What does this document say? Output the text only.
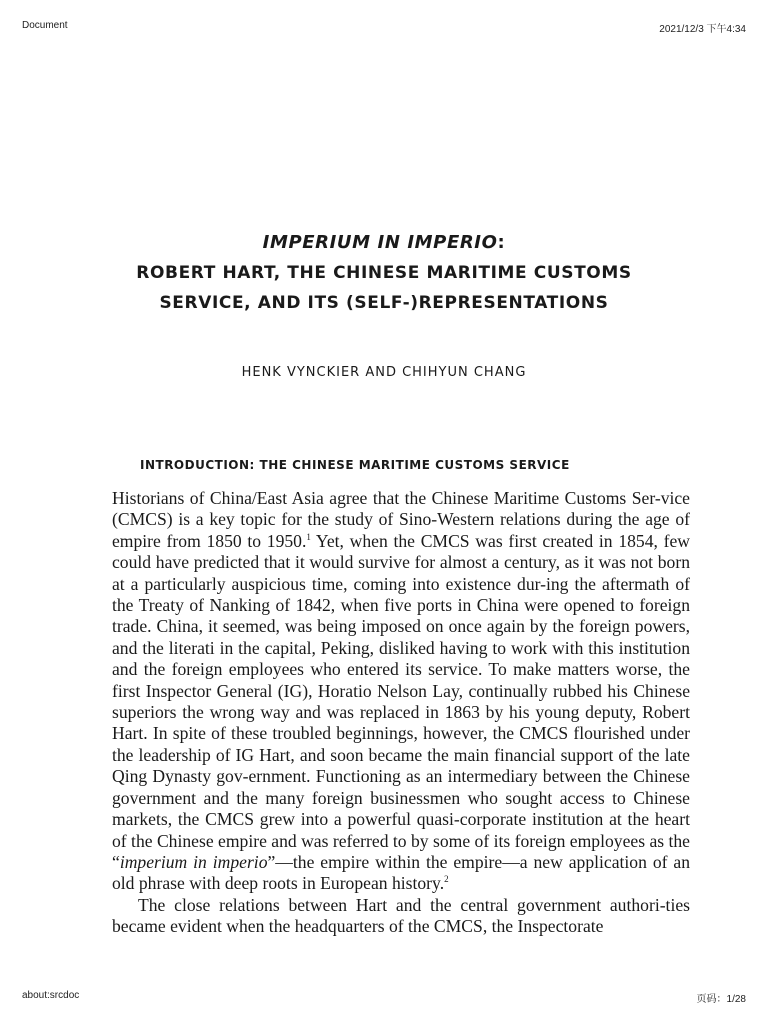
Document	2021/12/3 下午4:34
IMPERIUM IN IMPERIO:
ROBERT HART, THE CHINESE MARITIME CUSTOMS
SERVICE, AND ITS (SELF-)REPRESENTATIONS
HENK VYNCKIER AND CHIHYUN CHANG
INTRODUCTION: THE CHINESE MARITIME CUSTOMS SERVICE

Historians of China/East Asia agree that the Chinese Maritime Customs Ser-vice (CMCS) is a key topic for the study of Sino-Western relations during the age of empire from 1850 to 1950.$^1$ Yet, when the CMCS was first created in 1854, few could have predicted that it would survive for almost a century, as it was not born at a particularly auspicious time, coming into existence dur-ing the aftermath of the Treaty of Nanking of 1842, when five ports in China were opened to foreign trade. China, it seemed, was being imposed on once again by the foreign powers, and the literati in the capital, Peking, disliked having to work with this institution and the foreign employees who entered its service. To make matters worse, the first Inspector General (IG), Horatio Nelson Lay, continually rubbed his Chinese superiors the wrong way and was replaced in 1863 by his young deputy, Robert Hart. In spite of these troubled beginnings, however, the CMCS flourished under the leadership of IG Hart, and soon became the main financial support of the late Qing Dynasty gov-ernment. Functioning as an intermediary between the Chinese government and the many foreign businessmen who sought access to Chinese markets, the CMCS grew into a powerful quasi-corporate institution at the heart of the Chinese empire and was referred to by some of its foreign employees as the “imperium in imperio”—the empire within the empire—a new application of an old phrase with deep roots in European history.$^2$

The close relations between Hart and the central government authori-ties became evident when the headquarters of the CMCS, the Inspectorate

about:srcdoc	页码：1/28
